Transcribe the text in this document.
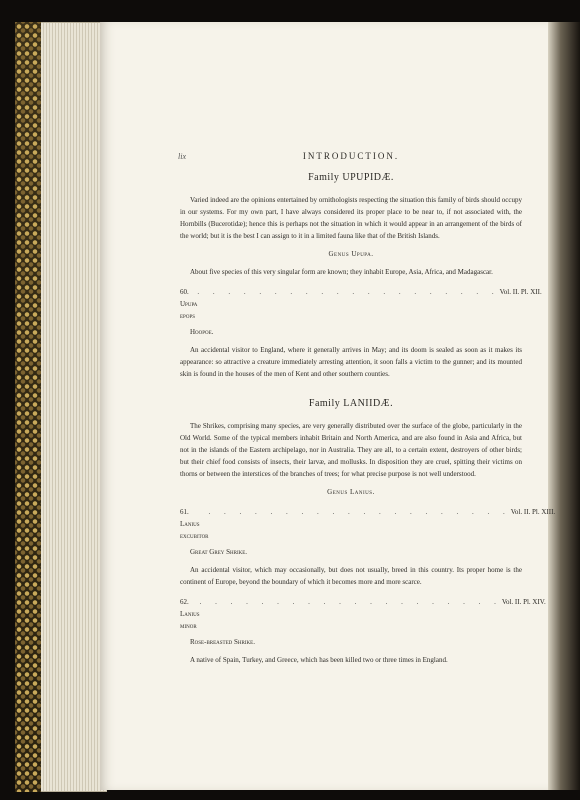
lix	INTRODUCTION.
Family UPUPIDÆ.

Varied indeed are the opinions entertained by ornithologists respecting the situation this family of birds should occupy in our systems. For my own part, I have always considered its proper place to be near to, if not associated with, the Hornbills (Bucerotidæ); hence this is perhaps not the situation in which it would appear in an arrangement of the birds of the world; but it is the best I can assign to it in a limited fauna like that of the British Islands.

Genus Upupa.

About five species of this very singular form are known; they inhabit Europe, Asia, Africa, and Madagascar.

60. Upupa epops
. . . . . . . . . . . . . . . . . . . . Vol. II. Pl. XII.
Hoopoe.

An accidental visitor to England, where it generally arrives in May; and its doom is sealed as soon as it makes its appearance: so attractive a creature immediately arresting attention, it soon falls a victim to the gunner; and its mounted skin is found in the houses of the men of Kent and other southern counties.

Family LANIIDÆ.

The Shrikes, comprising many species, are very generally distributed over the surface of the globe, particularly in the Old World. Some of the typical members inhabit Britain and North America, and are also found in Asia and Africa, but not in the islands of the Eastern archipelago, nor in Australia. They are all, to a certain extent, destroyers of other birds; but their chief food consists of insects, their larvæ, and mollusks. In disposition they are cruel, spitting their victims on thorns or between the interstices of the branches of trees; for what precise purpose is not well understood.

Genus Lanius.
61. Lanius excubitor
. . . . . . . . . . . . . . . . . . . . Vol. II. Pl. XIII.
Great Grey Shrike.

An accidental visitor, which may occasionally, but does not usually, breed in this country. Its proper home is the continent of Europe, beyond the boundary of which it becomes more and more scarce.

62. Lanius minor
. . . . . . . . . . . . . . . . . . . . Vol. II. Pl. XIV.
Rose-breasted Shrike.

A native of Spain, Turkey, and Greece, which has been killed two or three times in England.
